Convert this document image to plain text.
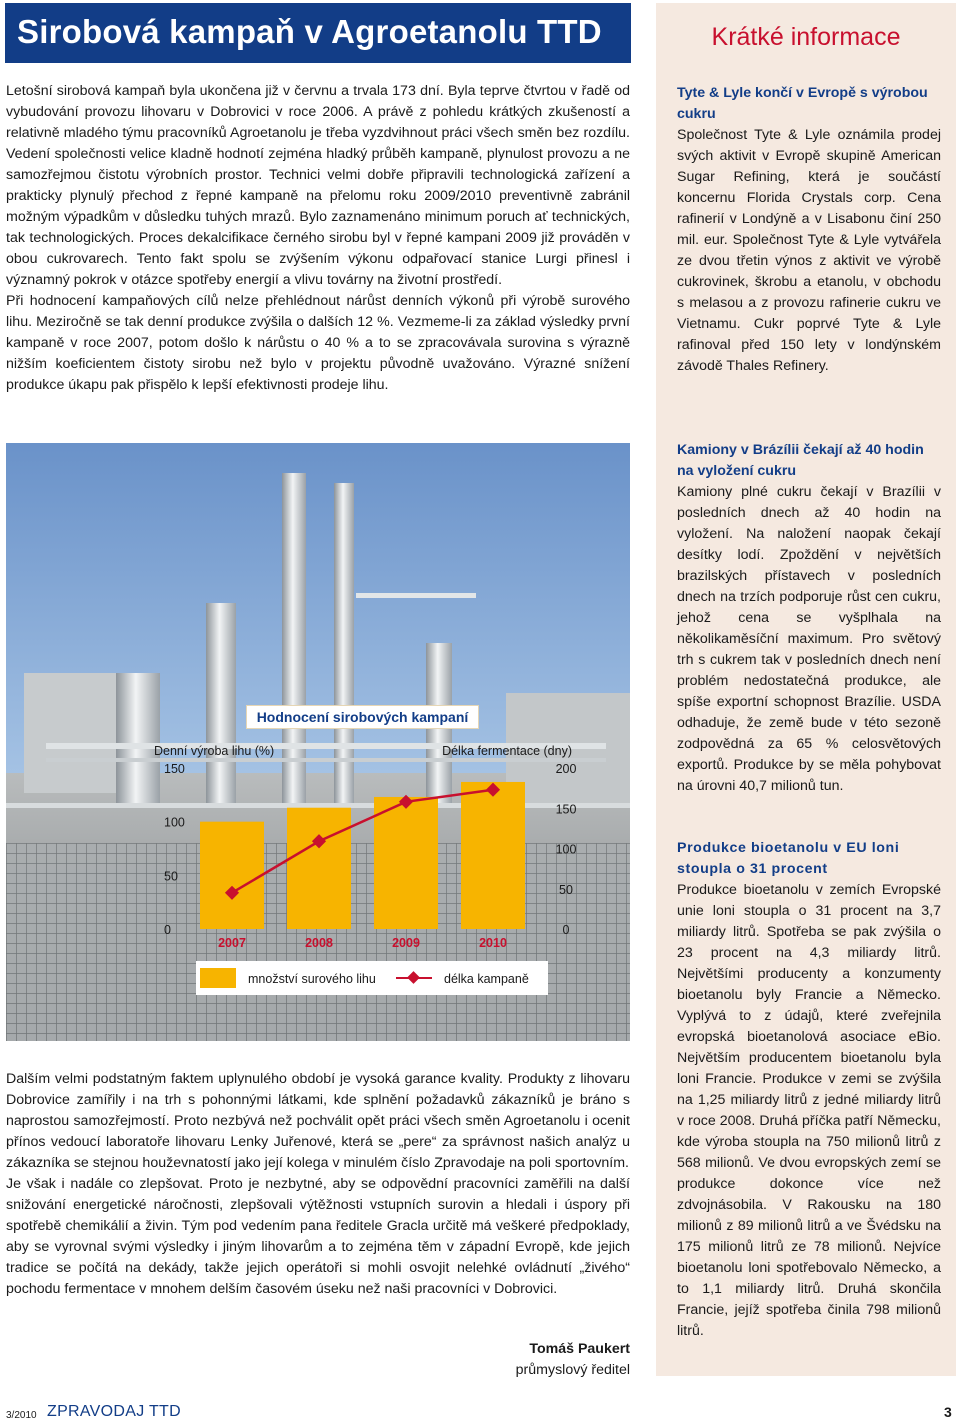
Sirobová kampaň v Agroetanolu TTD	Krátké informace
Tyte & Lyle končí v Evropě s výrobou cukru
Společnost Tyte & Lyle oznámila prodej svých aktivit v Evropě skupině American Sugar Refining, která je součástí koncernu Florida Crystals corp. Cena rafinerií v Londýně a v Lisabonu činí 250 mil. eur. Společnost Tyte & Lyle vytvářela ze dvou třetin výnos z aktivit ve výrobě cukrovinek, škrobu a etanolu, v obchodu s melasou a z provozu rafinerie cukru ve Vietnamu. Cukr poprvé Tyte & Lyle rafinoval před 150 lety v londýnském závodě Thales Refinery.
Kamiony v Brázílii čekají až 40 hodin na vyložení cukru
Kamiony plné cukru čekají v Brazílii v posledních dnech až 40 hodin na vyložení. Na naložení naopak čekají desítky lodí. Zpoždění v největších brazilských přístavech v posledních dnech na trzích podporuje růst cen cukru, jehož cena se vyšplhala na několikaměsíční maximum. Pro světový trh s cukrem tak v posledních dnech není problém nedostatečná produkce, ale spíše exportní schopnost Brazílie. USDA odhaduje, že země bude v této sezoně zodpovědná za 65 % celosvětových exportů. Produkce by se měla pohybovat na úrovni 40,7 milionů tun.
Produkce bioetanolu v EU loni stoupla o 31 procent
Produkce bioetanolu v zemích Evropské unie loni stoupla o 31 procent na 3,7 miliardy litrů. Spotřeba se pak zvýšila o 23 procent na 4,3 miliardy litrů. Největšími producenty a konzumenty bioetanolu byly Francie a Německo. Vyplývá to z údajů, které zveřejnila evropská bioetanolová asociace eBio. Největším producentem bioetanolu byla loni Francie. Produkce v zemi se zvýšila na 1,25 miliardy litrů z jedné miliardy litrů v roce 2008. Druhá příčka patří Německu, kde výroba stoupla na 750 milionů litrů z 568 milionů. Ve dvou evropských zemí se produkce dokonce více než zdvojnásobila. V Rakousku na 180 milionů z 89 milionů litrů a ve Švédsku na 175 milionů litrů ze 78 milionů. Nejvíce bioetanolu loni spotřebovalo Německo, a to 1,1 miliardy litrů. Druhá skončila Francie, jejíž spotřeba činila 798 milionů litrů.

Letošní sirobová kampaň byla ukončena již v červnu a trvala 173 dní. Byla teprve čtvrtou v řadě od vybudování provozu lihovaru v Dobrovici v roce 2006. A právě z pohledu krátkých zkušeností a relativně mladého týmu pracovníků Agroetanolu je třeba vyzdvihnout práci všech směn bez rozdílu. Vedení společnosti velice kladně hodnotí zejména hladký průběh kampaně, plynulost provozu a ne samozřejmou čistotu výrobních prostor. Technici velmi dobře připravili technologická zařízení a prakticky plynulý přechod z řepné kampaně na přelomu roku 2009/2010 preventivně zabránil možným výpadkům v důsledku tuhých mrazů. Bylo zaznamenáno minimum poruch ať technických, tak technologických. Proces dekalcifikace černého sirobu byl v řepné kampani 2009 již prováděn v obou cukrovarech. Tento fakt spolu se zvýšením výkonu odpařovací stanice Lurgi přinesl i významný pokrok v otázce spotřeby energií a vlivu továrny na životní prostředí.

Při hodnocení kampaňových cílů nelze přehlédnout nárůst denních výkonů při výrobě surového lihu. Meziročně se tak denní produkce zvýšila o dalších 12 %. Vezmeme-li za základ výsledky první kampaně v roce 2007, potom došlo k nárůstu o 40 % a to se zpracovávala surovina s výrazně nižším koeficientem čistoty sirobu než bylo v projektu původně uvažováno. Výrazné snížení produkce úkapu pak přispělo k lepší efektivnosti prodeje lihu.

Hodnocení sirobových kampaní
0
50
100
150
0
50
100
150
200
2007	2008	2009	2010
Denní výroba lihu (%)	Délka fermentace (dny)
množství surového lihu	délka kampaně

Dalším velmi podstatným faktem uplynulého období je vysoká garance kvality. Produkty z lihovaru Dobrovice zamířily i na trh s pohonnými látkami, kde splnění požadavků zákazníků je bráno s naprostou samozřejmostí. Proto nezbývá než pochválit opět práci všech směn Agroetanolu i ocenit přínos vedoucí laboratoře lihovaru Lenky Juřenové, která se „pere“ za správnost našich analýz u zákazníka se stejnou houževnatostí jako její kolega v minulém číslo Zpravodaje na poli sportovním.

Je však i nadále co zlepšovat. Proto je nezbytné, aby se odpovědní pracovníci zaměřili na další snižování energetické náročnosti, zlepšovali výtěžnosti vstupních surovin a hledali i úspory při spotřebě chemikálií a živin. Tým pod vedením pana ředitele Gracla určitě má veškeré předpoklady, aby se vyrovnal svými výsledky i jiným lihovarům a to zejména těm v západní Evropě, kde jejich tradice se počítá na dekády, takže jejich operátoři si mohli osvojit nelehké ovládnutí „živého“ pochodu fermentace v mnohem delším časovém úseku než naši pracovníci v Dobrovici.

Tomáš Paukert
průmyslový ředitel
3/2010 ZPRAVODAJ TTD	3
